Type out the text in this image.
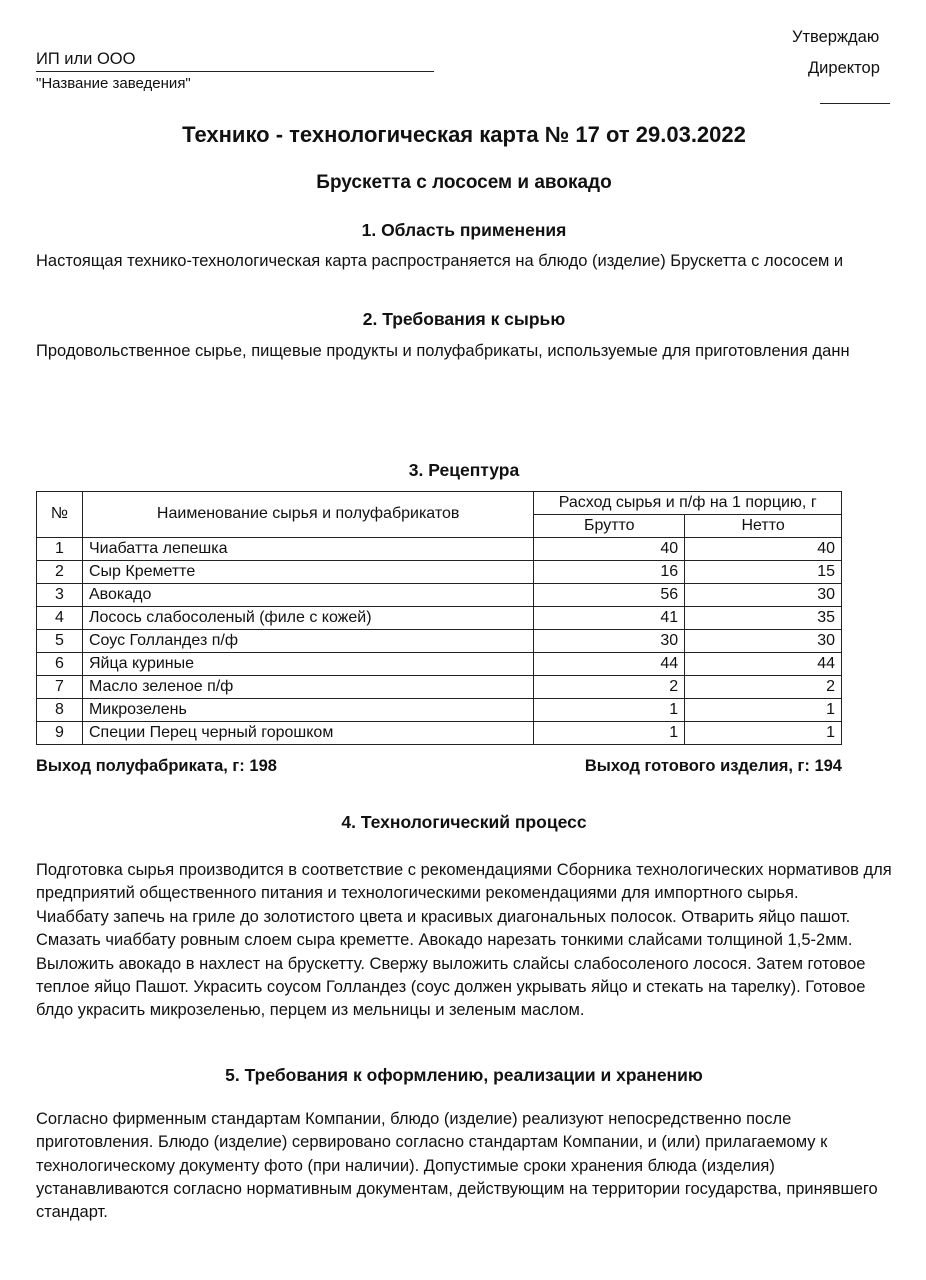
ИП или ООО
"Название заведения"
Утверждаю
Директор
Технико - технологическая карта № 17 от 29.03.2022
Брускетта с лососем и авокадо
1. Область применения

Настоящая технико-технологическая карта распространяется на блюдо (изделие) Брускетта с лососем и

2. Требования к сырью

Продовольственное сырье, пищевые продукты и полуфабрикаты, используемые для приготовления данн

3. Рецептура
№	Наименование сырья и полуфабрикатов	Расход сырья и п/ф на 1 порцию, г	
		Брутто	Нетто
1	Чиабатта лепешка	40	40
2	Сыр Креметте	16	15
3	Авокадо	56	30
4	Лосось слабосоленый (филе с кожей)	41	35
5	Соус Голландез п/ф	30	30
6	Яйца куриные	44	44
7	Масло зеленое п/ф	2	2
8	Микрозелень	1	1
9	Специи Перец черный горошком	1	1
Выход полуфабриката, г: 198	Выход готового изделия, г: 194
4. Технологический процесс

Подготовка сырья производится в соответствие с рекомендациями Сборника технологических нормативов для предприятий общественного питания и технологическими рекомендациями для импортного сырья.

Чиаббату запечь на гриле до золотистого цвета и красивых диагональных полосок. Отварить яйцо пашот. Смазать чиаббату ровным слоем сыра креметте. Авокадо нарезать тонкими слайсами толщиной 1,5-2мм. Выложить авокадо в нахлест на брускетту. Свержу выложить слайсы слабосоленого лосося. Затем готовое теплое яйцо Пашот. Украсить соусом Голландез (соус должен укрывать яйцо и стекать на тарелку). Готовое блдо украсить микрозеленью, перцем из мельницы и зеленым маслом.

5. Требования к оформлению, реализации и хранению

Согласно фирменным стандартам Компании, блюдо (изделие) реализуют непосредственно после приготовления. Блюдо (изделие) сервировано согласно стандартам Компании, и (или) прилагаемому к технологическому документу фото (при наличии). Допустимые сроки хранения блюда (изделия) устанавливаются согласно нормативным документам, действующим на территории государства, принявшего стандарт.
